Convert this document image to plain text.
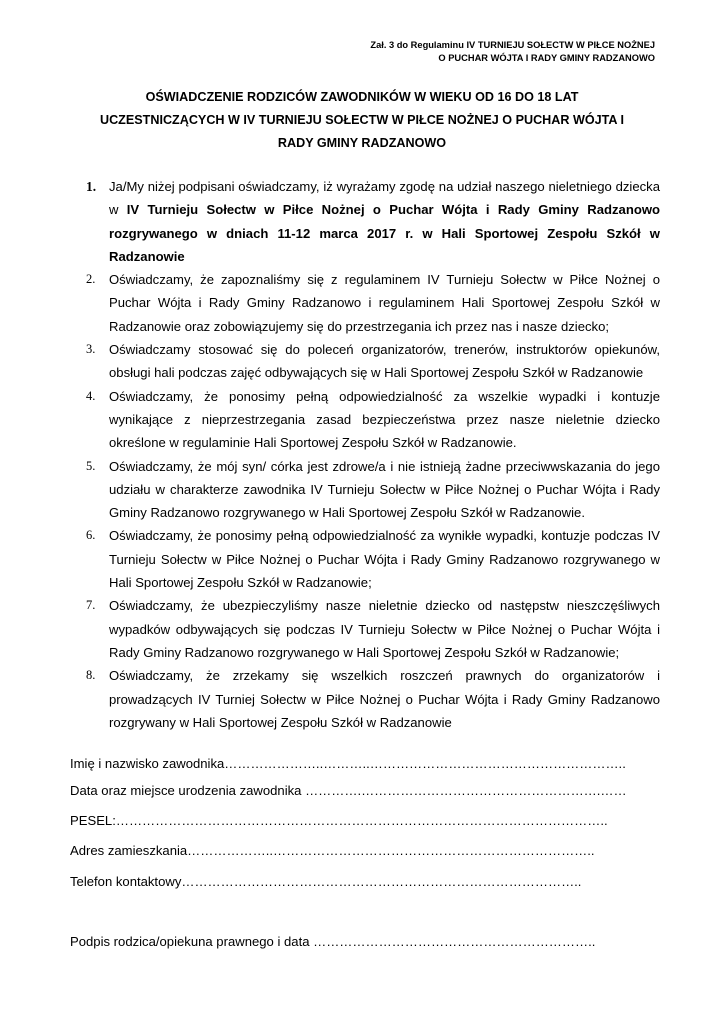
Zał. 3 do Regulaminu IV TURNIEJU SOŁECTW W PIŁCE NOŻNEJ
O PUCHAR WÓJTA I RADY GMINY RADZANOWO
OŚWIADCZENIE RODZICÓW ZAWODNIKÓW W WIEKU OD 16 DO 18 LAT
UCZESTNICZĄCYCH W IV TURNIEJU SOŁECTW W PIŁCE NOŻNEJ O PUCHAR WÓJTA I
RADY GMINY RADZANOWO
1. Ja/My niżej podpisani oświadczamy, iż wyrażamy zgodę na udział naszego nieletniego dziecka w IV Turnieju Sołectw w Piłce Nożnej o Puchar Wójta i Rady Gminy Radzanowo rozgrywanego w dniach 11-12 marca 2017 r. w Hali Sportowej Zespołu Szkół w Radzanowie
2. Oświadczamy, że zapoznaliśmy się z regulaminem IV Turnieju Sołectw w Piłce Nożnej o Puchar Wójta i Rady Gminy Radzanowo i regulaminem Hali Sportowej Zespołu Szkół w Radzanowie oraz zobowiązujemy się do przestrzegania ich przez nas i nasze dziecko;
3. Oświadczamy stosować się do poleceń organizatorów, trenerów, instruktorów opiekunów, obsługi hali podczas zajęć odbywających się w Hali Sportowej Zespołu Szkół w Radzanowie
4. Oświadczamy, że ponosimy pełną odpowiedzialność za wszelkie wypadki i kontuzje wynikające z nieprzestrzegania zasad bezpieczeństwa przez nasze nieletnie dziecko określone w regulaminie Hali Sportowej Zespołu Szkół w Radzanowie.
5. Oświadczamy, że mój syn/ córka jest zdrowe/a i nie istnieją żadne przeciwwskazania do jego udziału w charakterze zawodnika IV Turnieju Sołectw w Piłce Nożnej o Puchar Wójta i Rady Gminy Radzanowo rozgrywanego w Hali Sportowej Zespołu Szkół w Radzanowie.
6. Oświadczamy, że ponosimy pełną odpowiedzialność za wynikłe wypadki, kontuzje podczas IV Turnieju Sołectw w Piłce Nożnej o Puchar Wójta i Rady Gminy Radzanowo rozgrywanego w Hali Sportowej Zespołu Szkół w Radzanowie;
7. Oświadczamy, że ubezpieczyliśmy nasze nieletnie dziecko od następstw nieszczęśliwych wypadków odbywających się podczas IV Turnieju Sołectw w Piłce Nożnej o Puchar Wójta i Rady Gminy Radzanowo rozgrywanego w Hali Sportowej Zespołu Szkół w Radzanowie;
8. Oświadczamy, że zrzekamy się wszelkich roszczeń prawnych do organizatorów i prowadzących IV Turniej Sołectw w Piłce Nożnej o Puchar Wójta i Rady Gminy Radzanowo rozgrywany w Hali Sportowej Zespołu Szkół w Radzanowie
Imię i nazwisko zawodnika…………………..………..…………………………………………………..
Data oraz miejsce urodzenia zawodnika ………….……………………………………………….……
PESEL:…………………………………………………………………………………………………..
Adres zamieszkania………………..………………………………………………………………..
Telefon kontaktowy………………………………………………………………………………..
Podpis rodzica/opiekuna prawnego i data ………………………………………………………..
